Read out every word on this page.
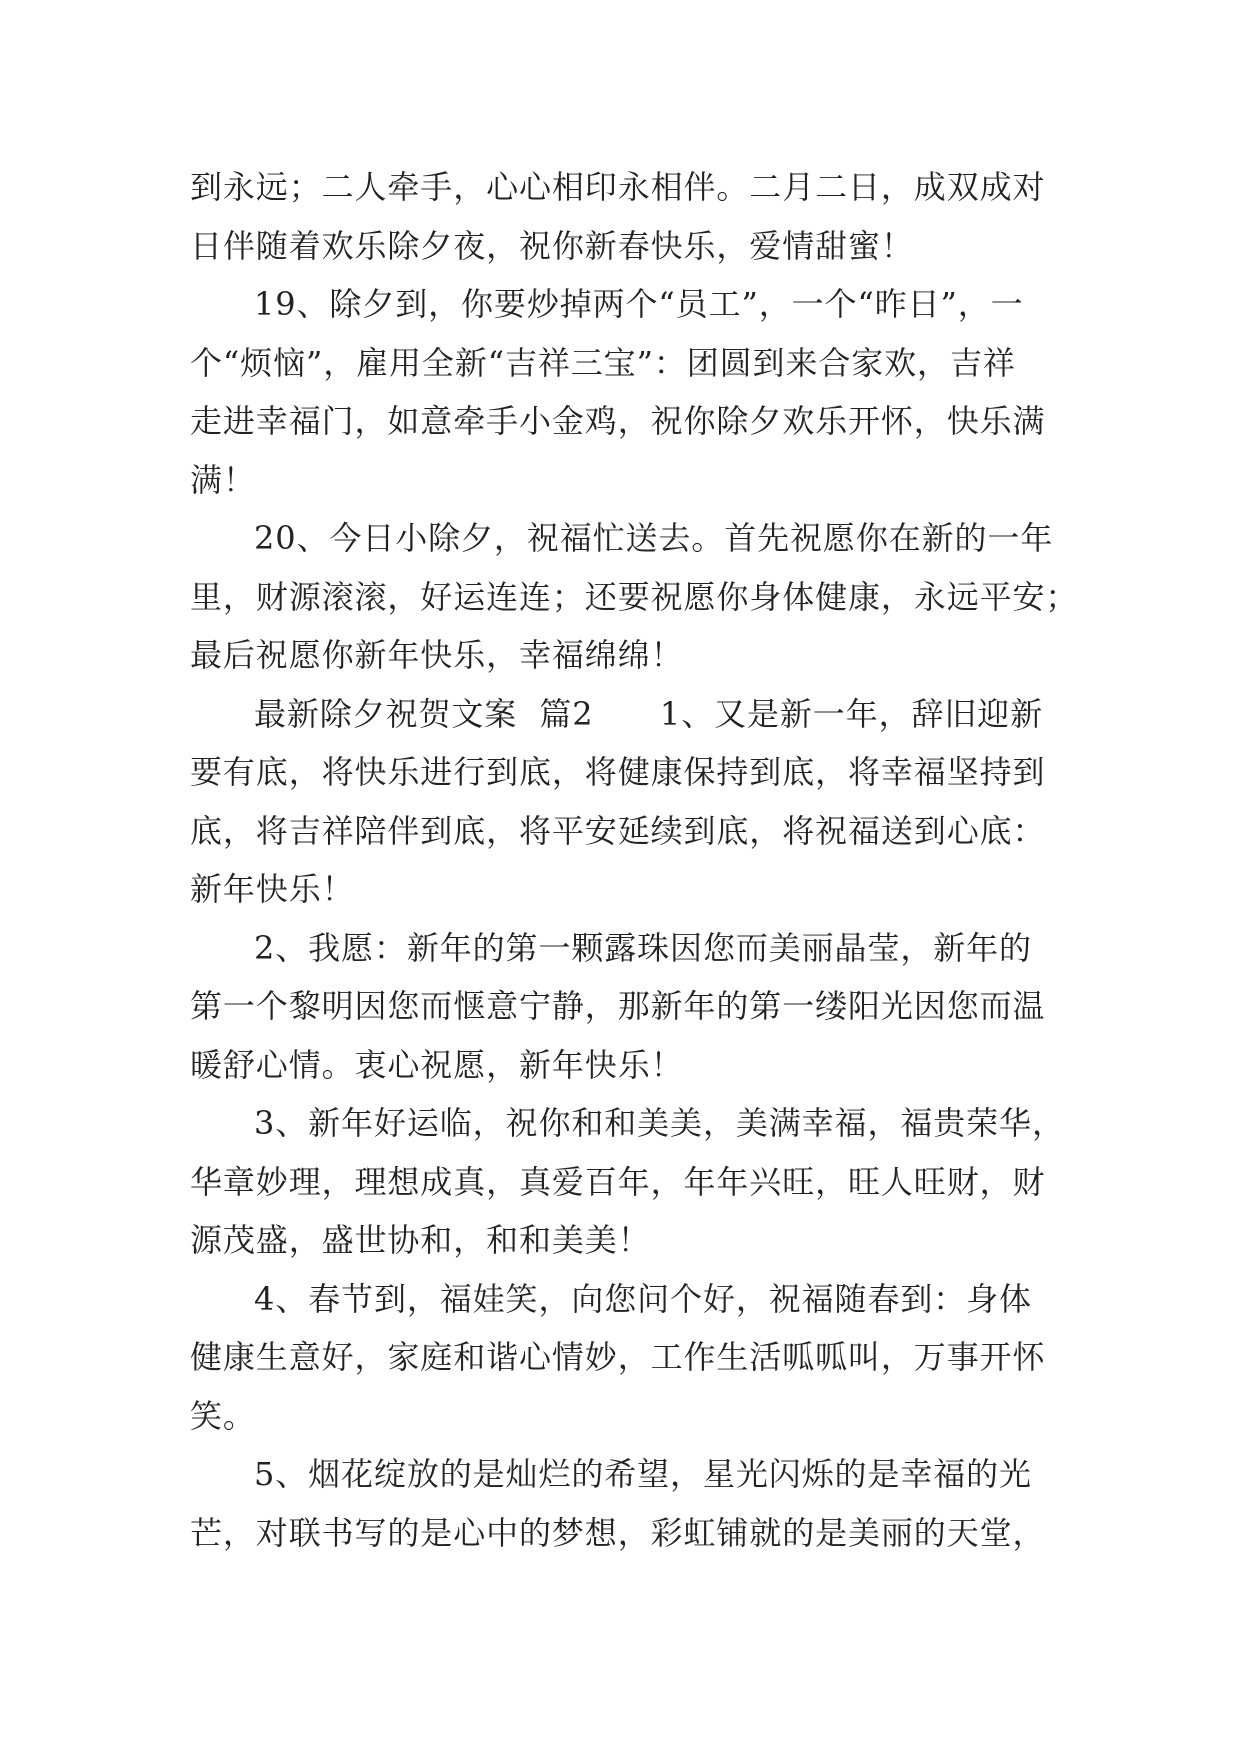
到永远；二人牵手，心心相印永相伴。二月二日，成双成对
日伴随着欢乐除夕夜，祝你新春快乐，爱情甜蜜！
19、除夕到，你要炒掉两个“员工”，一个“昨日”，一
个“烦恼”，雇用全新“吉祥三宝”：团圆到来合家欢，吉祥
走进幸福门，如意牵手小金鸡，祝你除夕欢乐开怀，快乐满
满！
20、今日小除夕，祝福忙送去。首先祝愿你在新的一年
里，财源滚滚，好运连连；还要祝愿你身体健康，永远平安；
最后祝愿你新年快乐，幸福绵绵！
最新除夕祝贺文案  篇2      1、又是新一年，辞旧迎新
要有底，将快乐进行到底，将健康保持到底，将幸福坚持到
底，将吉祥陪伴到底，将平安延续到底，将祝福送到心底：
新年快乐！
2、我愿：新年的第一颗露珠因您而美丽晶莹，新年的
第一个黎明因您而惬意宁静，那新年的第一缕阳光因您而温
暖舒心情。衷心祝愿，新年快乐！
3、新年好运临，祝你和和美美，美满幸福，福贵荣华，
华章妙理，理想成真，真爱百年，年年兴旺，旺人旺财，财
源茂盛，盛世协和，和和美美！
4、春节到，福娃笑，向您问个好，祝福随春到：身体
健康生意好，家庭和谐心情妙，工作生活呱呱叫，万事开怀
笑。
5、烟花绽放的是灿烂的希望，星光闪烁的是幸福的光
芒，对联书写的是心中的梦想，彩虹铺就的是美丽的天堂，
